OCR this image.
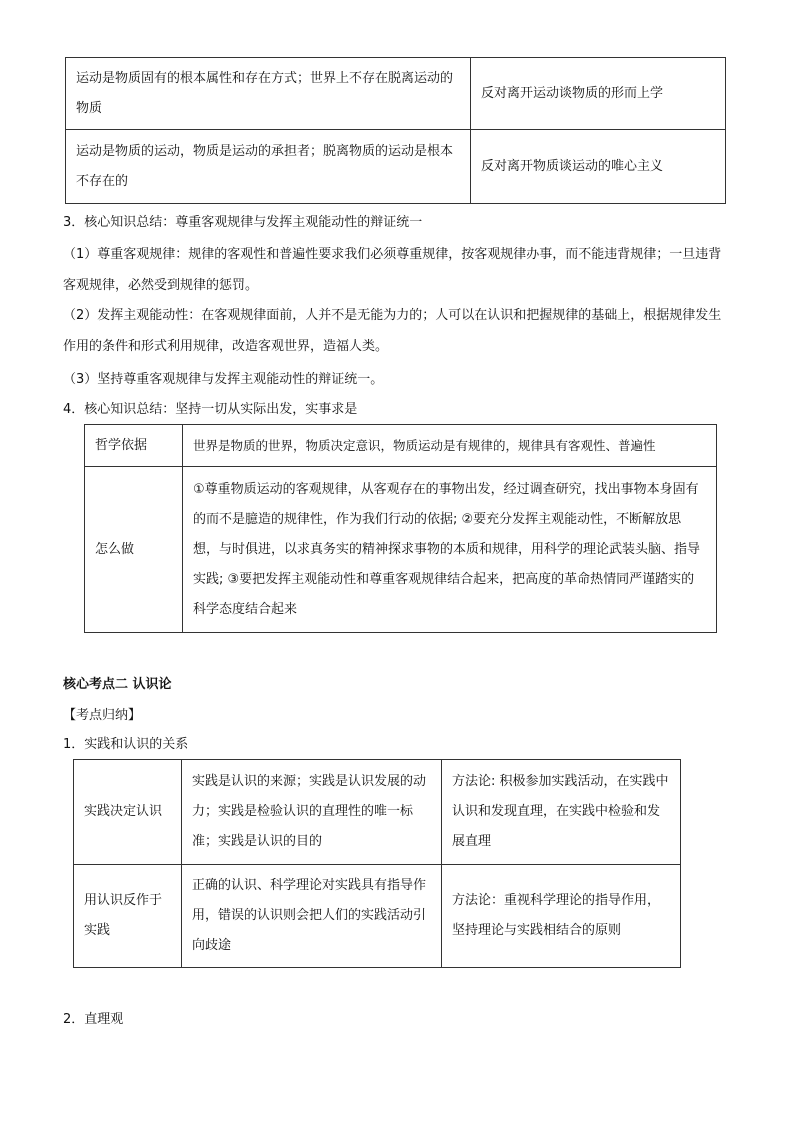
运动是物质固有的根本属性和存在方式；世界上不存在脱离运动的物质	反对离开运动谈物质的形而上学
运动是物质的运动，物质是运动的承担者；脱离物质的运动是根本不存在的	反对离开物质谈运动的唯心主义
3．核心知识总结：尊重客观规律与发挥主观能动性的辩证统一
（1）尊重客观规律：规律的客观性和普遍性要求我们必须尊重规律，按客观规律办事，而不能违背规律；一旦违背客观规律，必然受到规律的惩罚。
（2）发挥主观能动性：在客观规律面前，人并不是无能为力的；人可以在认识和把握规律的基础上，根据规律发生作用的条件和形式利用规律，改造客观世界，造福人类。
（3）坚持尊重客观规律与发挥主观能动性的辩证统一。
4．核心知识总结：坚持一切从实际出发，实事求是
哲学依据	世界是物质的世界，物质决定意识，物质运动是有规律的，规律具有客观性、普遍性
怎么做	①尊重物质运动的客观规律，从客观存在的事物出发，经过调查研究，找出事物本身固有的而不是臆造的规律性，作为我们行动的依据; ②要充分发挥主观能动性，不断解放思想，与时俱进，以求真务实的精神探求事物的本质和规律，用科学的理论武装头脑、指导实践; ③要把发挥主观能动性和尊重客观规律结合起来，把高度的革命热情同严谨踏实的科学态度结合起来
核心考点二 认识论
【考点归纳】
1．实践和认识的关系
实践决定认识	实践是认识的来源；实践是认识发展的动力；实践是检验认识的直理性的唯一标准；实践是认识的目的	方法论: 积极参加实践活动，在实践中认识和发现直理，在实践中检验和发展直理
用认识反作于实践	正确的认识、科学理论对实践具有指导作用，错误的认识则会把人们的实践活动引向歧途	方法论：重视科学理论的指导作用，坚持理论与实践相结合的原则
2．直理观
